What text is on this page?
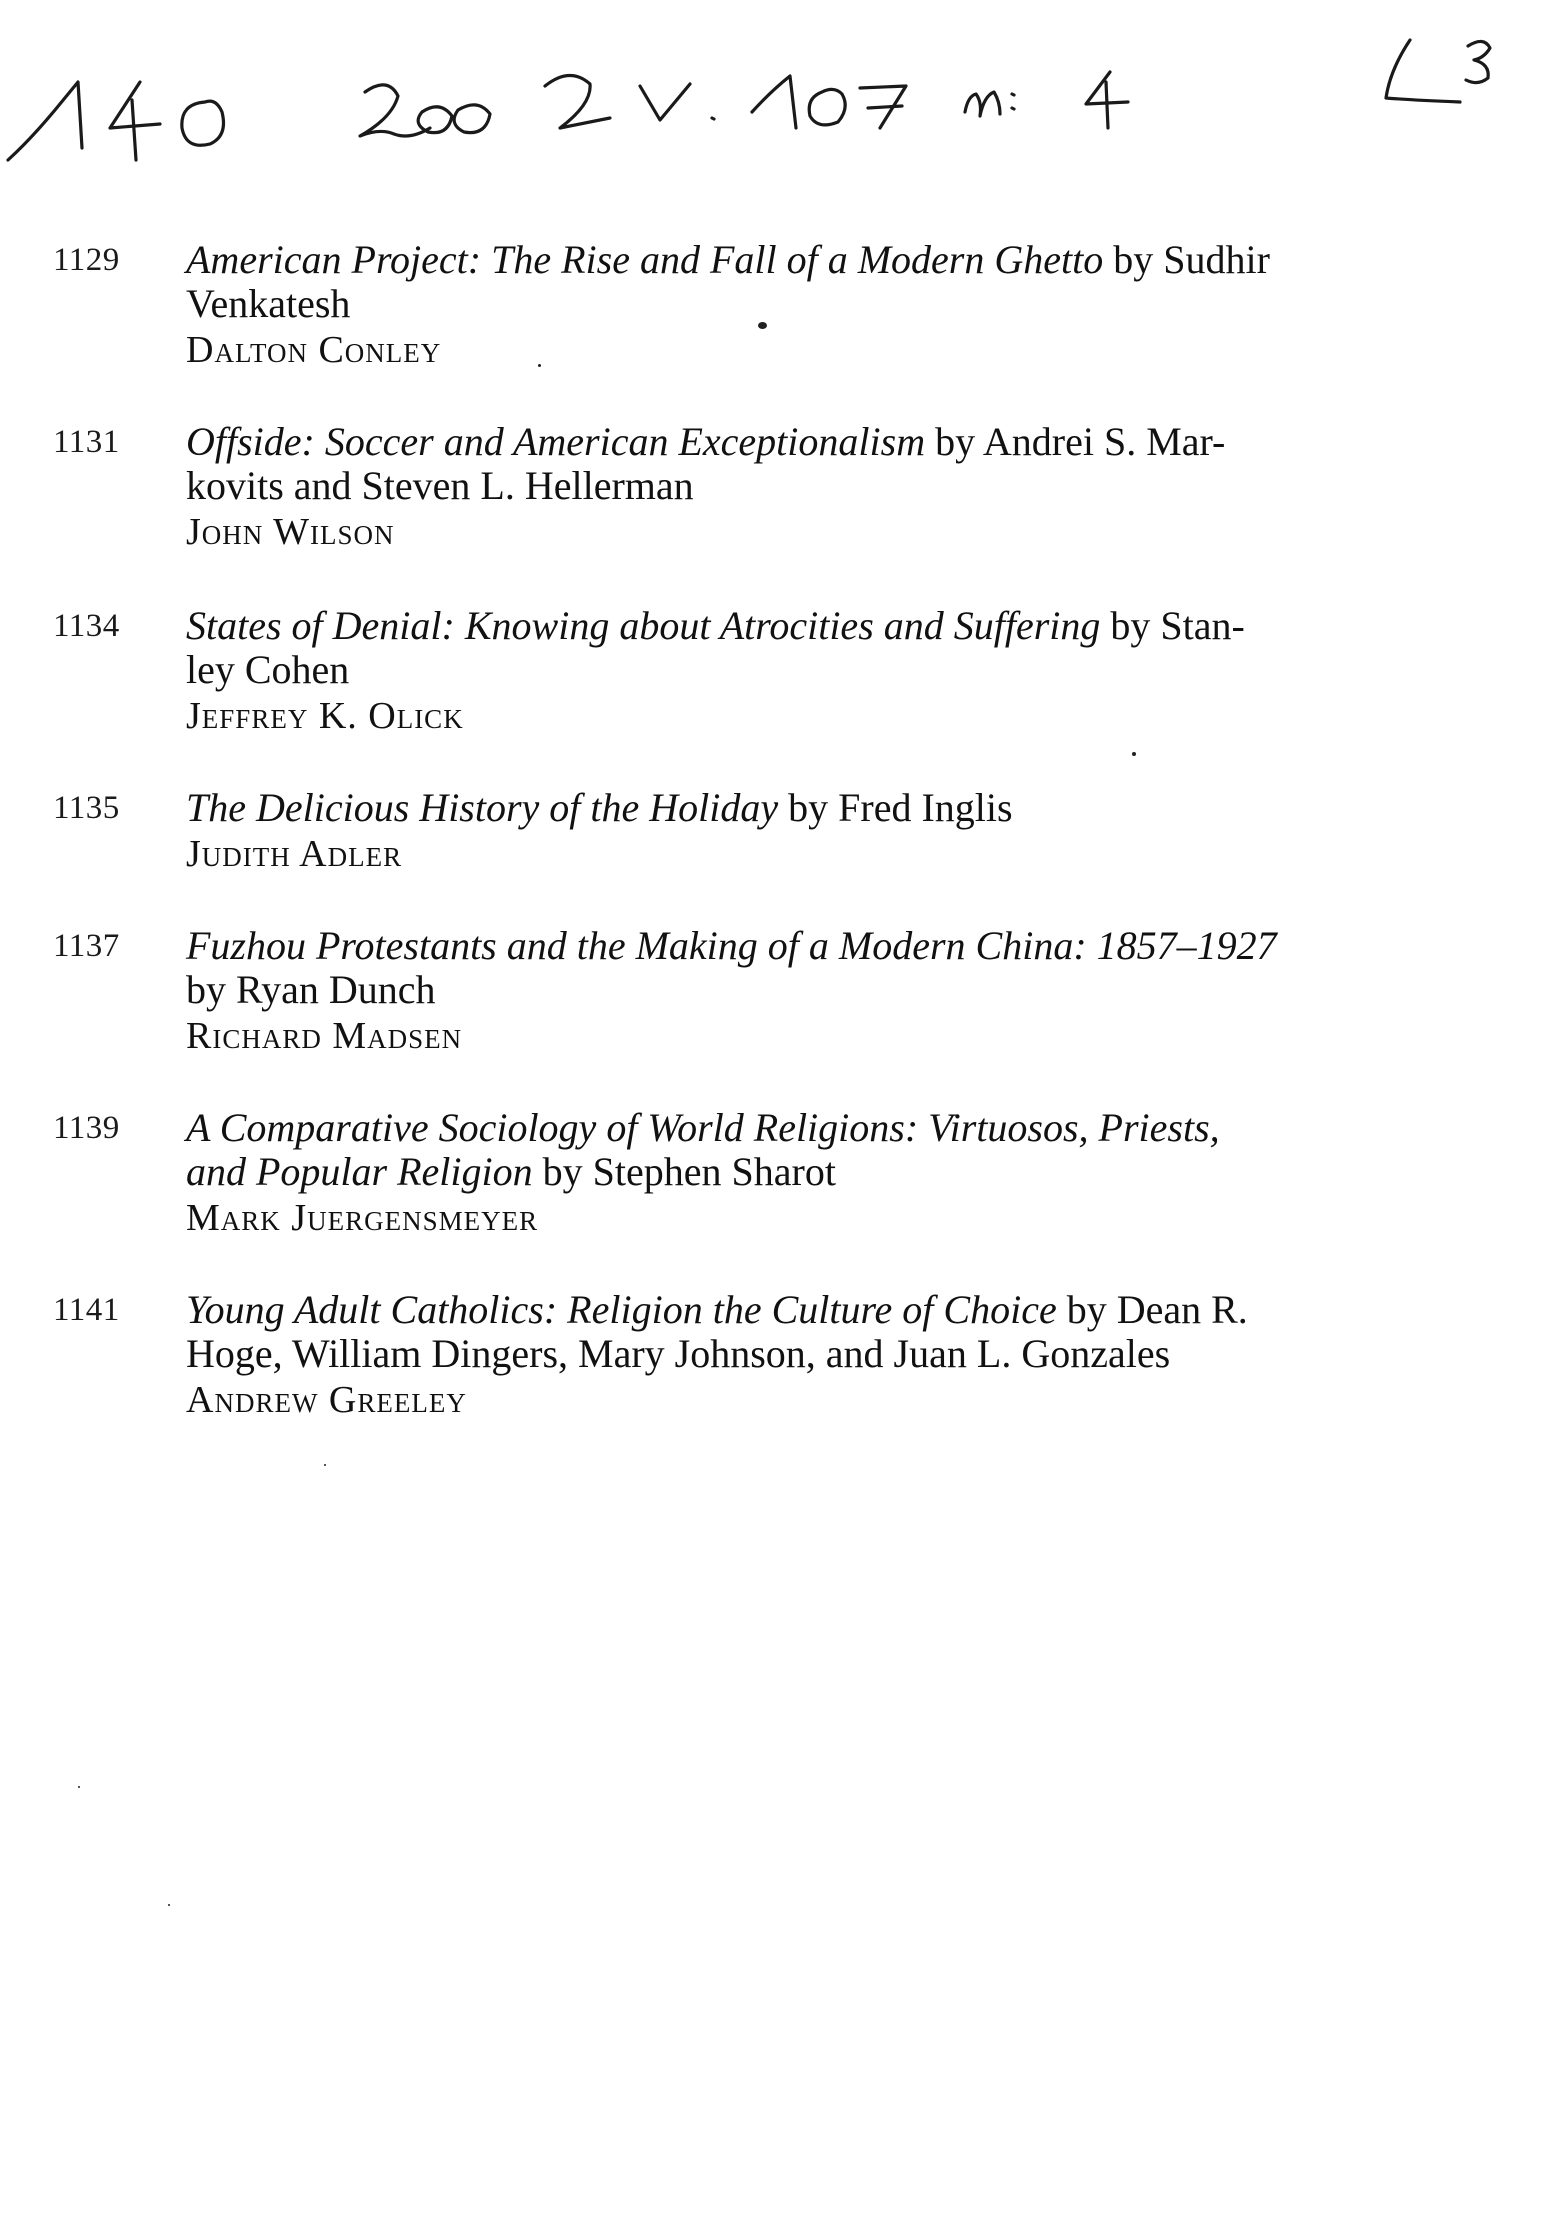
1129 American Project: The Rise and Fall of a Modern Ghetto by Sudhir
Venkatesh
Dalton Conley
1131 Offside: Soccer and American Exceptionalism by Andrei S. Mar-
kovits and Steven L. Hellerman
John Wilson
1134 States of Denial: Knowing about Atrocities and Suffering by Stan-
ley Cohen
Jeffrey K. Olick
1135 The Delicious History of the Holiday by Fred Inglis
Judith Adler
1137 Fuzhou Protestants and the Making of a Modern China: 1857–1927
by Ryan Dunch
Richard Madsen
1139 A Comparative Sociology of World Religions: Virtuosos, Priests,
and Popular Religion by Stephen Sharot
Mark Juergensmeyer
1141 Young Adult Catholics: Religion the Culture of Choice by Dean R.
Hoge, William Dingers, Mary Johnson, and Juan L. Gonzales
Andrew Greeley
